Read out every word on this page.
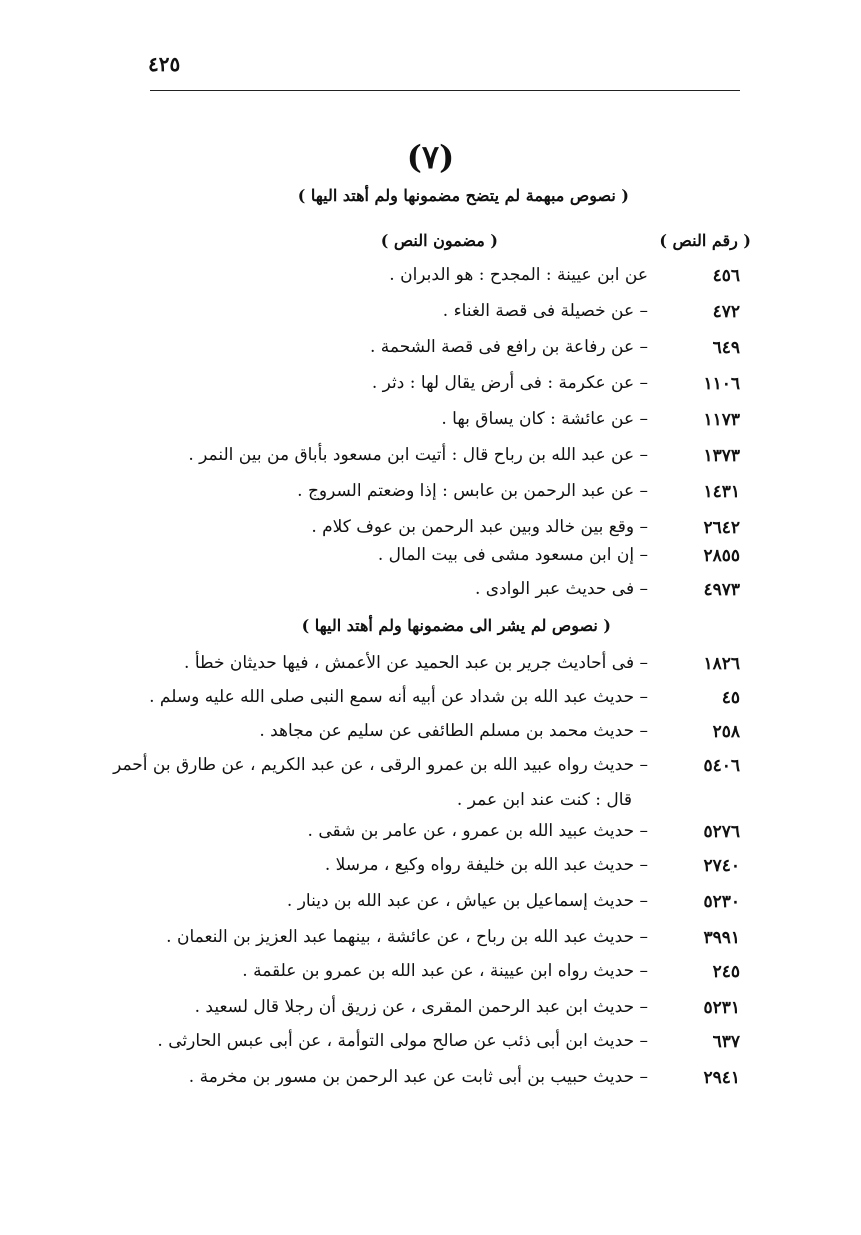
٤٢٥
(٧)
( نصوص مبهمة لم يتضح مضمونها ولم أهتد اليها )
( رقم النص )
( مضمون النص )
٤٥٦
عن ابن عيينة : المجدح : هو الدبران .
٤٧٢
– عن خصيلة فى قصة الغناء .
٦٤٩
– عن رفاعة بن رافع فى قصة الشحمة .
١١٠٦
– عن عكرمة : فى أرض يقال لها : دثر .
١١٧٣
– عن عائشة : كان يساق بها .
١٣٧٣
– عن عبد الله بن رباح قال : أتيت ابن مسعود بأباق من بين النمر .
١٤٣١
– عن عبد الرحمن بن عابس : إذا وضعتم السروج .
٢٦٤٢
– وقع بين خالد وبين عبد الرحمن بن عوف كلام .
٢٨٥٥
– إن ابن مسعود مشى فى بيت المال .
٤٩٧٣
– فى حديث عبر الوادى .
( نصوص لم يشر الى مضمونها ولم أهتد اليها )
١٨٢٦
– فى أحاديث جرير بن عبد الحميد عن الأعمش ، فيها حديثان خطأ .
٤٥
– حديث عبد الله بن شداد عن أبيه أنه سمع النبى صلى الله عليه وسلم .
٢٥٨
– حديث محمد بن مسلم الطائفى عن سليم عن مجاهد .
٥٤٠٦
– حديث رواه عبيد الله بن عمرو الرقى ، عن عبد الكريم ، عن طارق بن أحمر
قال : كنت عند ابن عمر .
٥٢٧٦
– حديث عبيد الله بن عمرو ، عن عامر بن شقى .
٢٧٤٠
– حديث عبد الله بن خليفة رواه وكيع ، مرسلا .
٥٢٣٠
– حديث إسماعيل بن عياش ، عن عبد الله بن دينار .
٣٩٩١
– حديث عبد الله بن رباح ، عن عائشة ، بينهما عبد العزيز بن النعمان .
٢٤٥
– حديث رواه ابن عيينة ، عن عبد الله بن عمرو بن علقمة .
٥٢٣١
– حديث ابن عبد الرحمن المقرى ، عن زريق أن رجلا قال لسعيد .
٦٣٧
– حديث ابن أبى ذئب عن صالح مولى التوأمة ، عن أبى عبس الحارثى .
٢٩٤١
– حديث حبيب بن أبى ثابت عن عبد الرحمن بن مسور بن مخرمة .
